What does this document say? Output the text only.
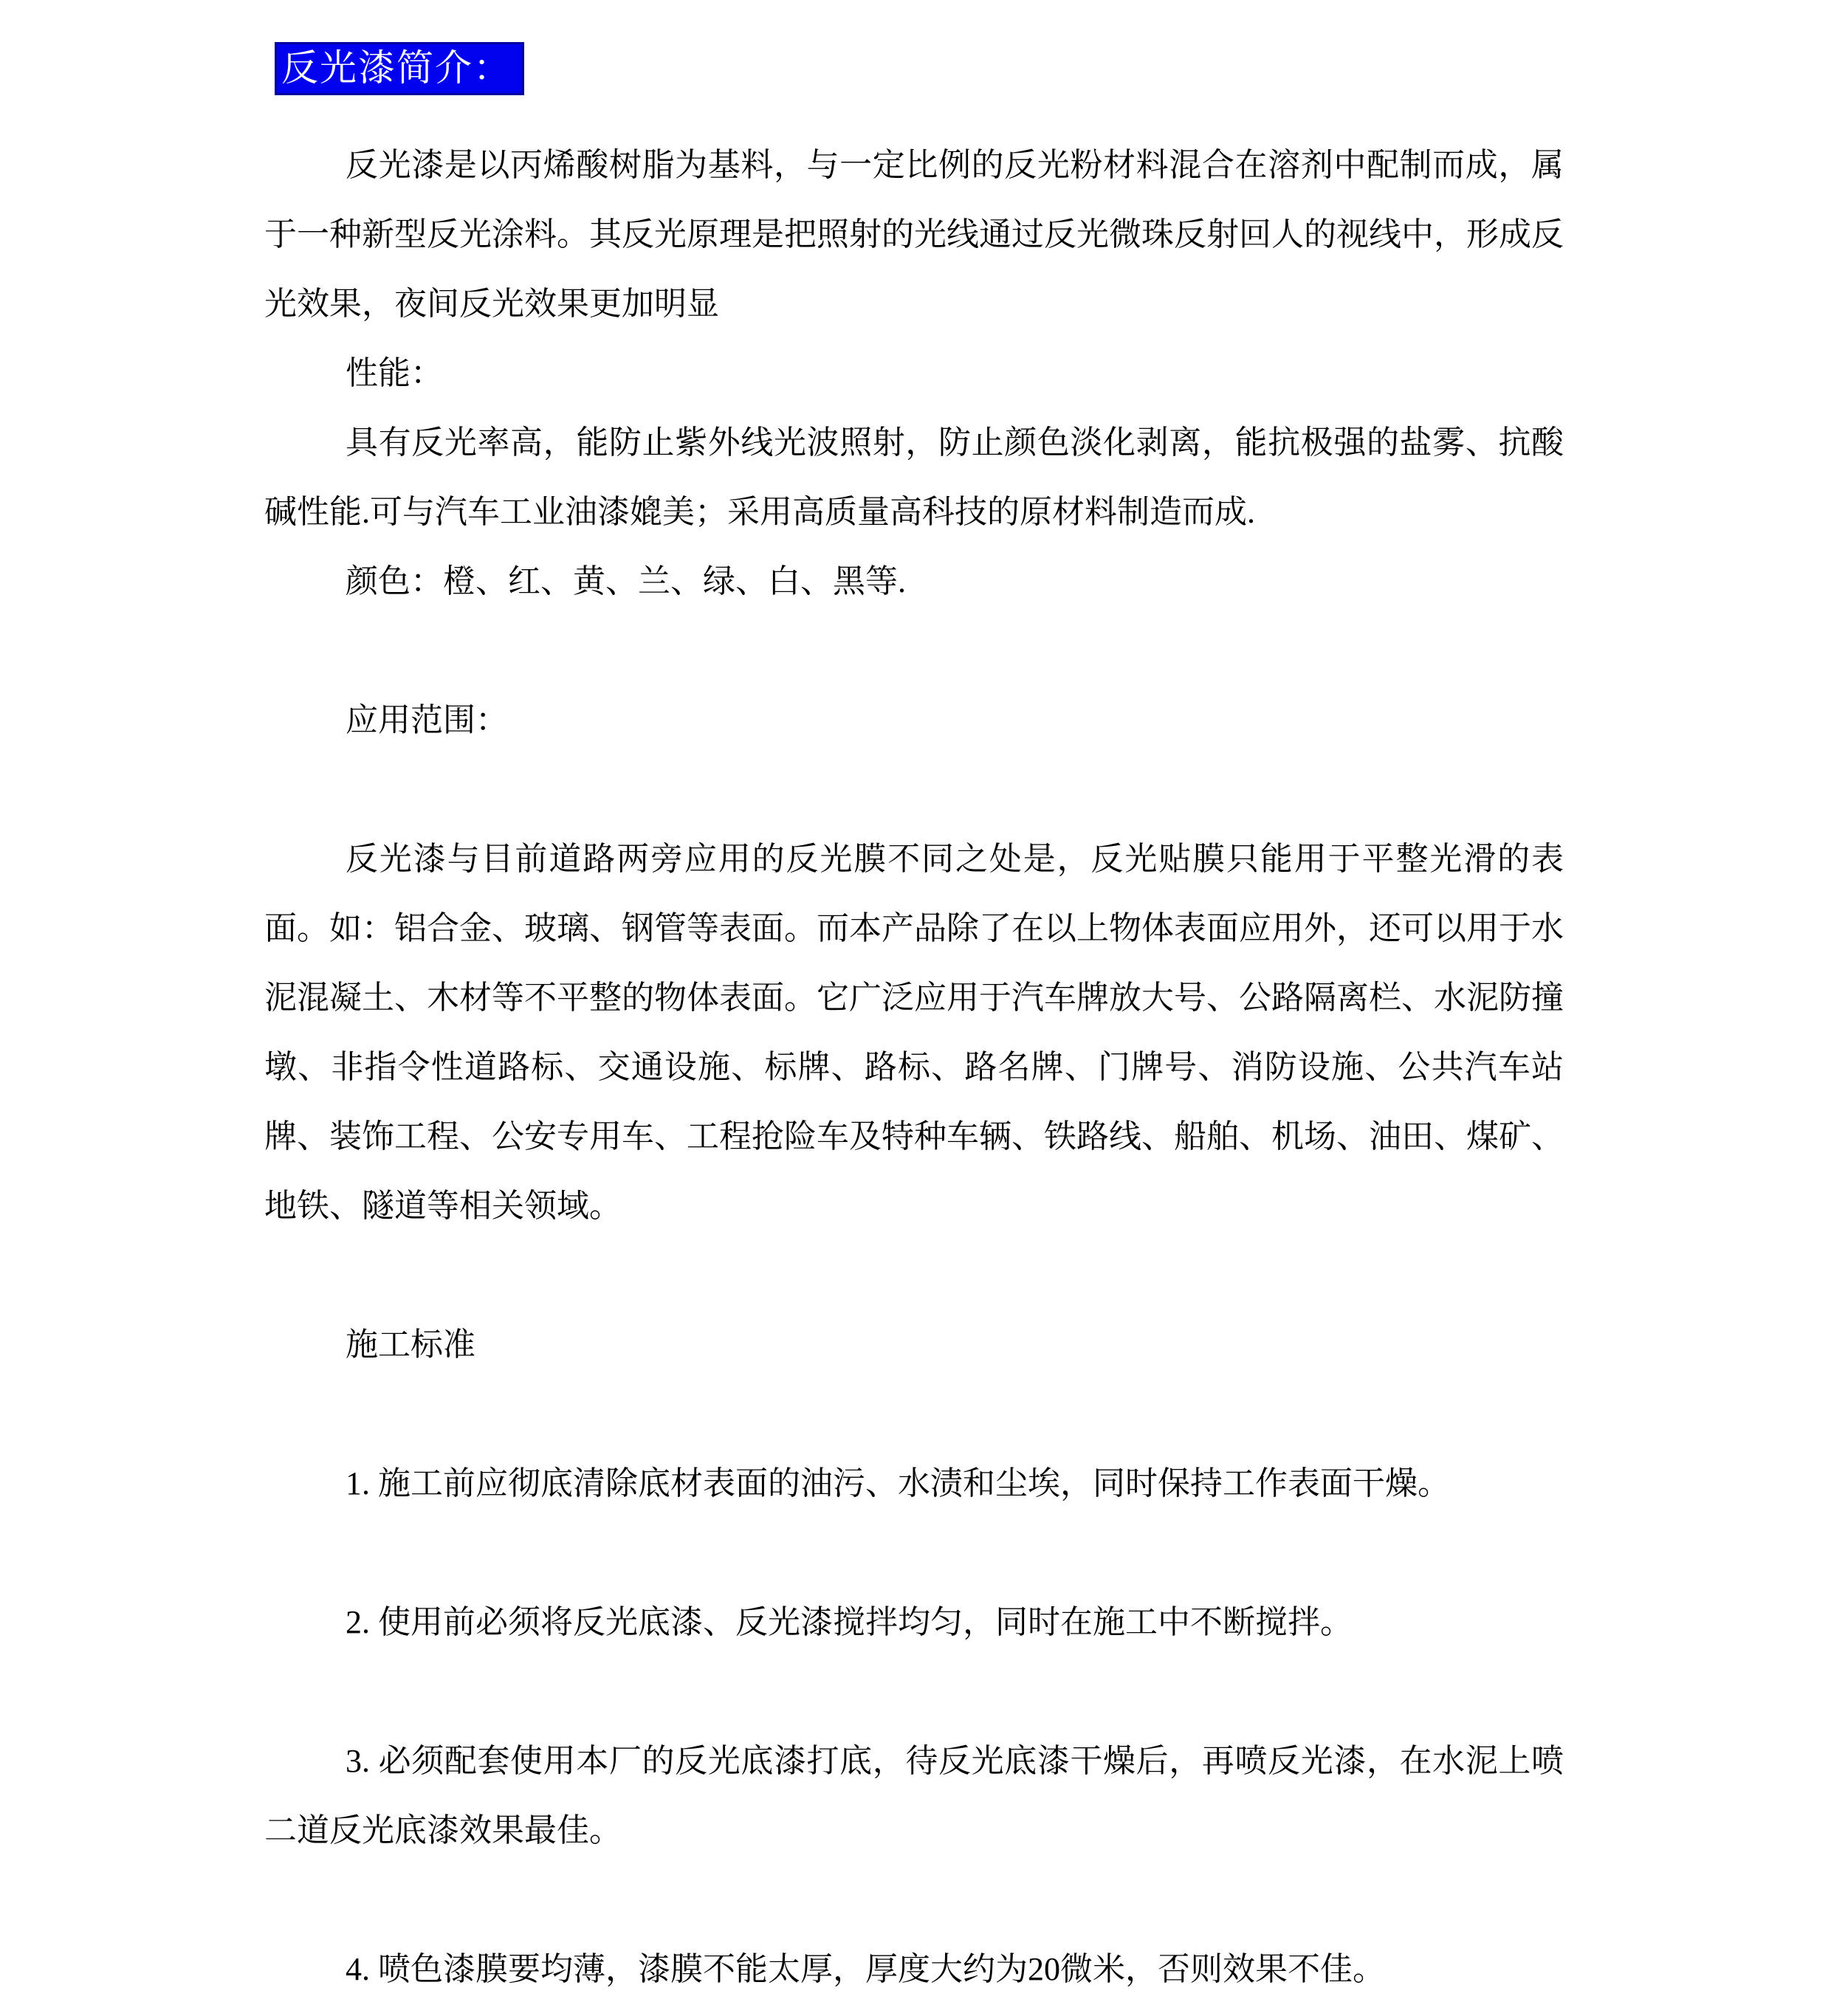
反光漆简介：

反光漆是以丙烯酸树脂为基料，与一定比例的反光粉材料混合在溶剂中配制而成，属于一种新型反光涂料。其反光原理是把照射的光线通过反光微珠反射回人的视线中，形成反光效果，夜间反光效果更加明显

性能：

具有反光率高，能防止紫外线光波照射，防止颜色淡化剥离，能抗极强的盐雾、抗酸碱性能.可与汽车工业油漆媲美；采用高质量高科技的原材料制造而成.

颜色：橙、红、黄、兰、绿、白、黑等.

应用范围：

反光漆与目前道路两旁应用的反光膜不同之处是，反光贴膜只能用于平整光滑的表面。如：铝合金、玻璃、钢管等表面。而本产品除了在以上物体表面应用外，还可以用于水泥混凝土、木材等不平整的物体表面。它广泛应用于汽车牌放大号、公路隔离栏、水泥防撞墩、非指令性道路标、交通设施、标牌、路标、路名牌、门牌号、消防设施、公共汽车站牌、装饰工程、公安专用车、工程抢险车及特种车辆、铁路线、船舶、机场、油田、煤矿、地铁、隧道等相关领域。

施工标准

1. 施工前应彻底清除底材表面的油污、水渍和尘埃，同时保持工作表面干燥。

2. 使用前必须将反光底漆、反光漆搅拌均匀，同时在施工中不断搅拌。

3. 必须配套使用本厂的反光底漆打底，待反光底漆干燥后，再喷反光漆，在水泥上喷二道反光底漆效果最佳。

4. 喷色漆膜要均薄，漆膜不能太厚，厚度大约为20微米，否则效果不佳。
